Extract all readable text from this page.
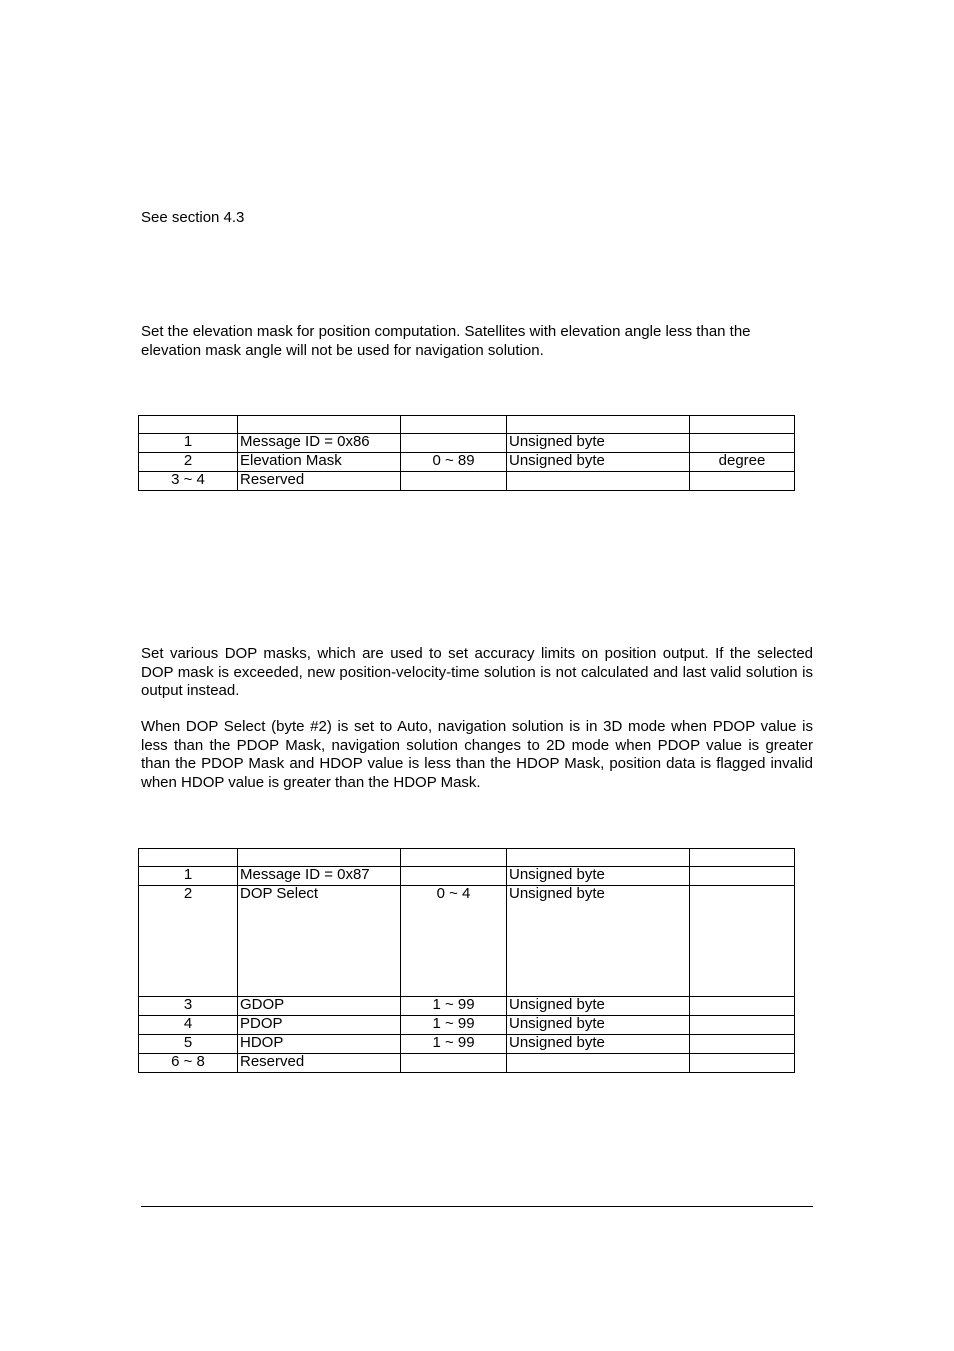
See section 4.3

Set the elevation mask for position computation. Satellites with elevation angle less than the elevation mask angle will not be used for navigation solution.

1	Message ID = 0x86		Unsigned byte	
2	Elevation Mask	0 ~ 89	Unsigned byte	degree
3 ~ 4	Reserved			

Set various DOP masks, which are used to set accuracy limits on position output. If the selected DOP mask is exceeded, new position-velocity-time solution is not calculated and last valid solution is output instead.

When DOP Select (byte #2) is set to Auto, navigation solution is in 3D mode when PDOP value is less than the PDOP Mask, navigation solution changes to 2D mode when PDOP value is greater than the PDOP Mask and HDOP value is less than the HDOP Mask, position data is flagged invalid when HDOP value is greater than the HDOP Mask.

1	Message ID = 0x87		Unsigned byte	
2	DOP Select	0 ~ 4	Unsigned byte	
3	GDOP	1 ~ 99	Unsigned byte	
4	PDOP	1 ~ 99	Unsigned byte	
5	HDOP	1 ~ 99	Unsigned byte	
6 ~ 8	Reserved			
